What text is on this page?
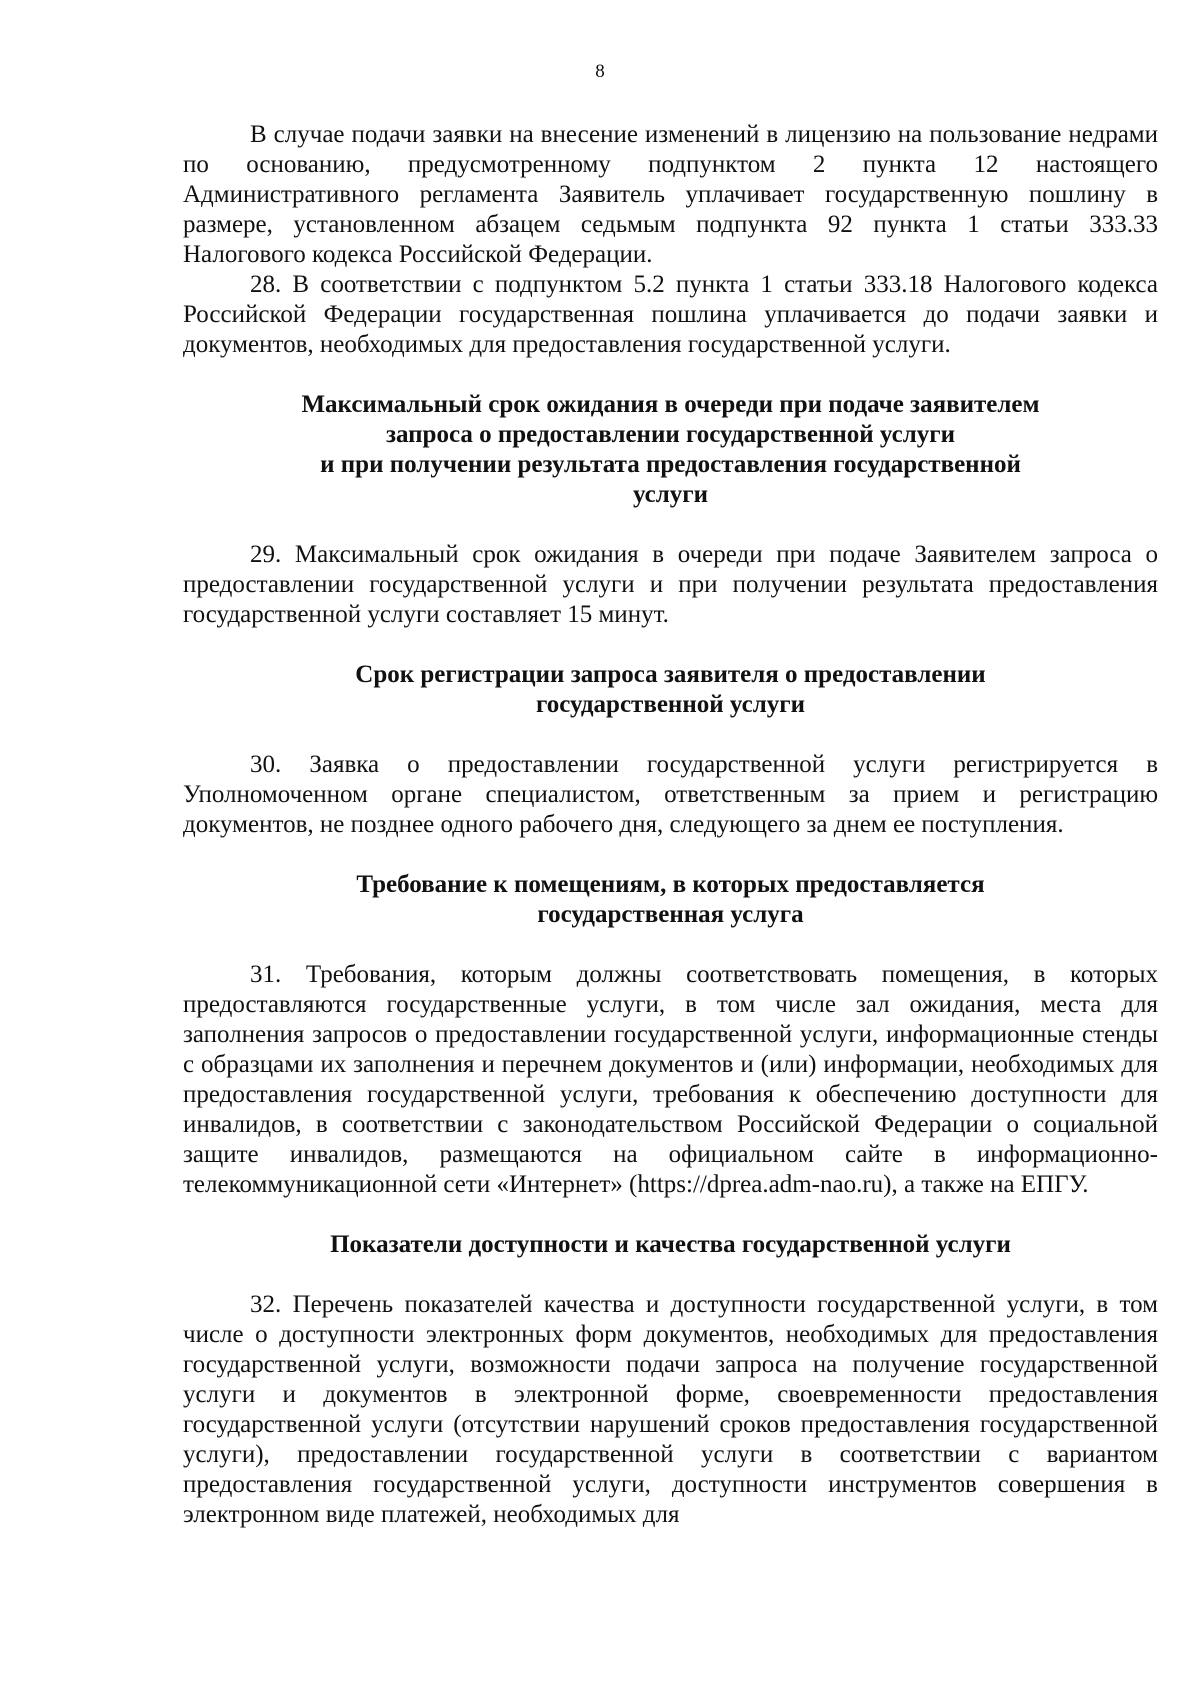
8

В случае подачи заявки на внесение изменений в лицензию на пользование недрами по основанию, предусмотренному подпунктом 2 пункта 12 настоящего Административного регламента Заявитель уплачивает государственную пошлину в размере, установленном абзацем седьмым подпункта 92 пункта 1 статьи 333.33 Налогового кодекса Российской Федерации.

28. В соответствии с подпунктом 5.2 пункта 1 статьи 333.18 Налогового кодекса Российской Федерации государственная пошлина уплачивается до подачи заявки и документов, необходимых для предоставления государственной услуги.

Максимальный срок ожидания в очереди при подаче заявителем
запроса о предоставлении государственной услуги
и при получении результата предоставления государственной
услуги

29. Максимальный срок ожидания в очереди при подаче Заявителем запроса о предоставлении государственной услуги и при получении результата предоставления государственной услуги составляет 15 минут.

Срок регистрации запроса заявителя о предоставлении
государственной услуги

30. Заявка о предоставлении государственной услуги регистрируется в Уполномоченном органе специалистом, ответственным за прием и регистрацию документов, не позднее одного рабочего дня, следующего за днем ее поступления.

Требование к помещениям, в которых предоставляется
государственная услуга

31. Требования, которым должны соответствовать помещения, в которых предоставляются государственные услуги, в том числе зал ожидания, места для заполнения запросов о предоставлении государственной услуги, информационные стенды с образцами их заполнения и перечнем документов и (или) информации, необходимых для предоставления государственной услуги, требования к обеспечению доступности для инвалидов, в соответствии с законодательством Российской Федерации о социальной защите инвалидов, размещаются на официальном сайте в информационно-телекоммуникационной сети «Интернет» (https://dprea.adm-nao.ru), а также на ЕПГУ.

Показатели доступности и качества государственной услуги

32. Перечень показателей качества и доступности государственной услуги, в том числе о доступности электронных форм документов, необходимых для предоставления государственной услуги, возможности подачи запроса на получение государственной услуги и документов в электронной форме, своевременности предоставления государственной услуги (отсутствии нарушений сроков предоставления государственной услуги), предоставлении государственной услуги в соответствии с вариантом предоставления государственной услуги, доступности инструментов совершения в электронном виде платежей, необходимых для
